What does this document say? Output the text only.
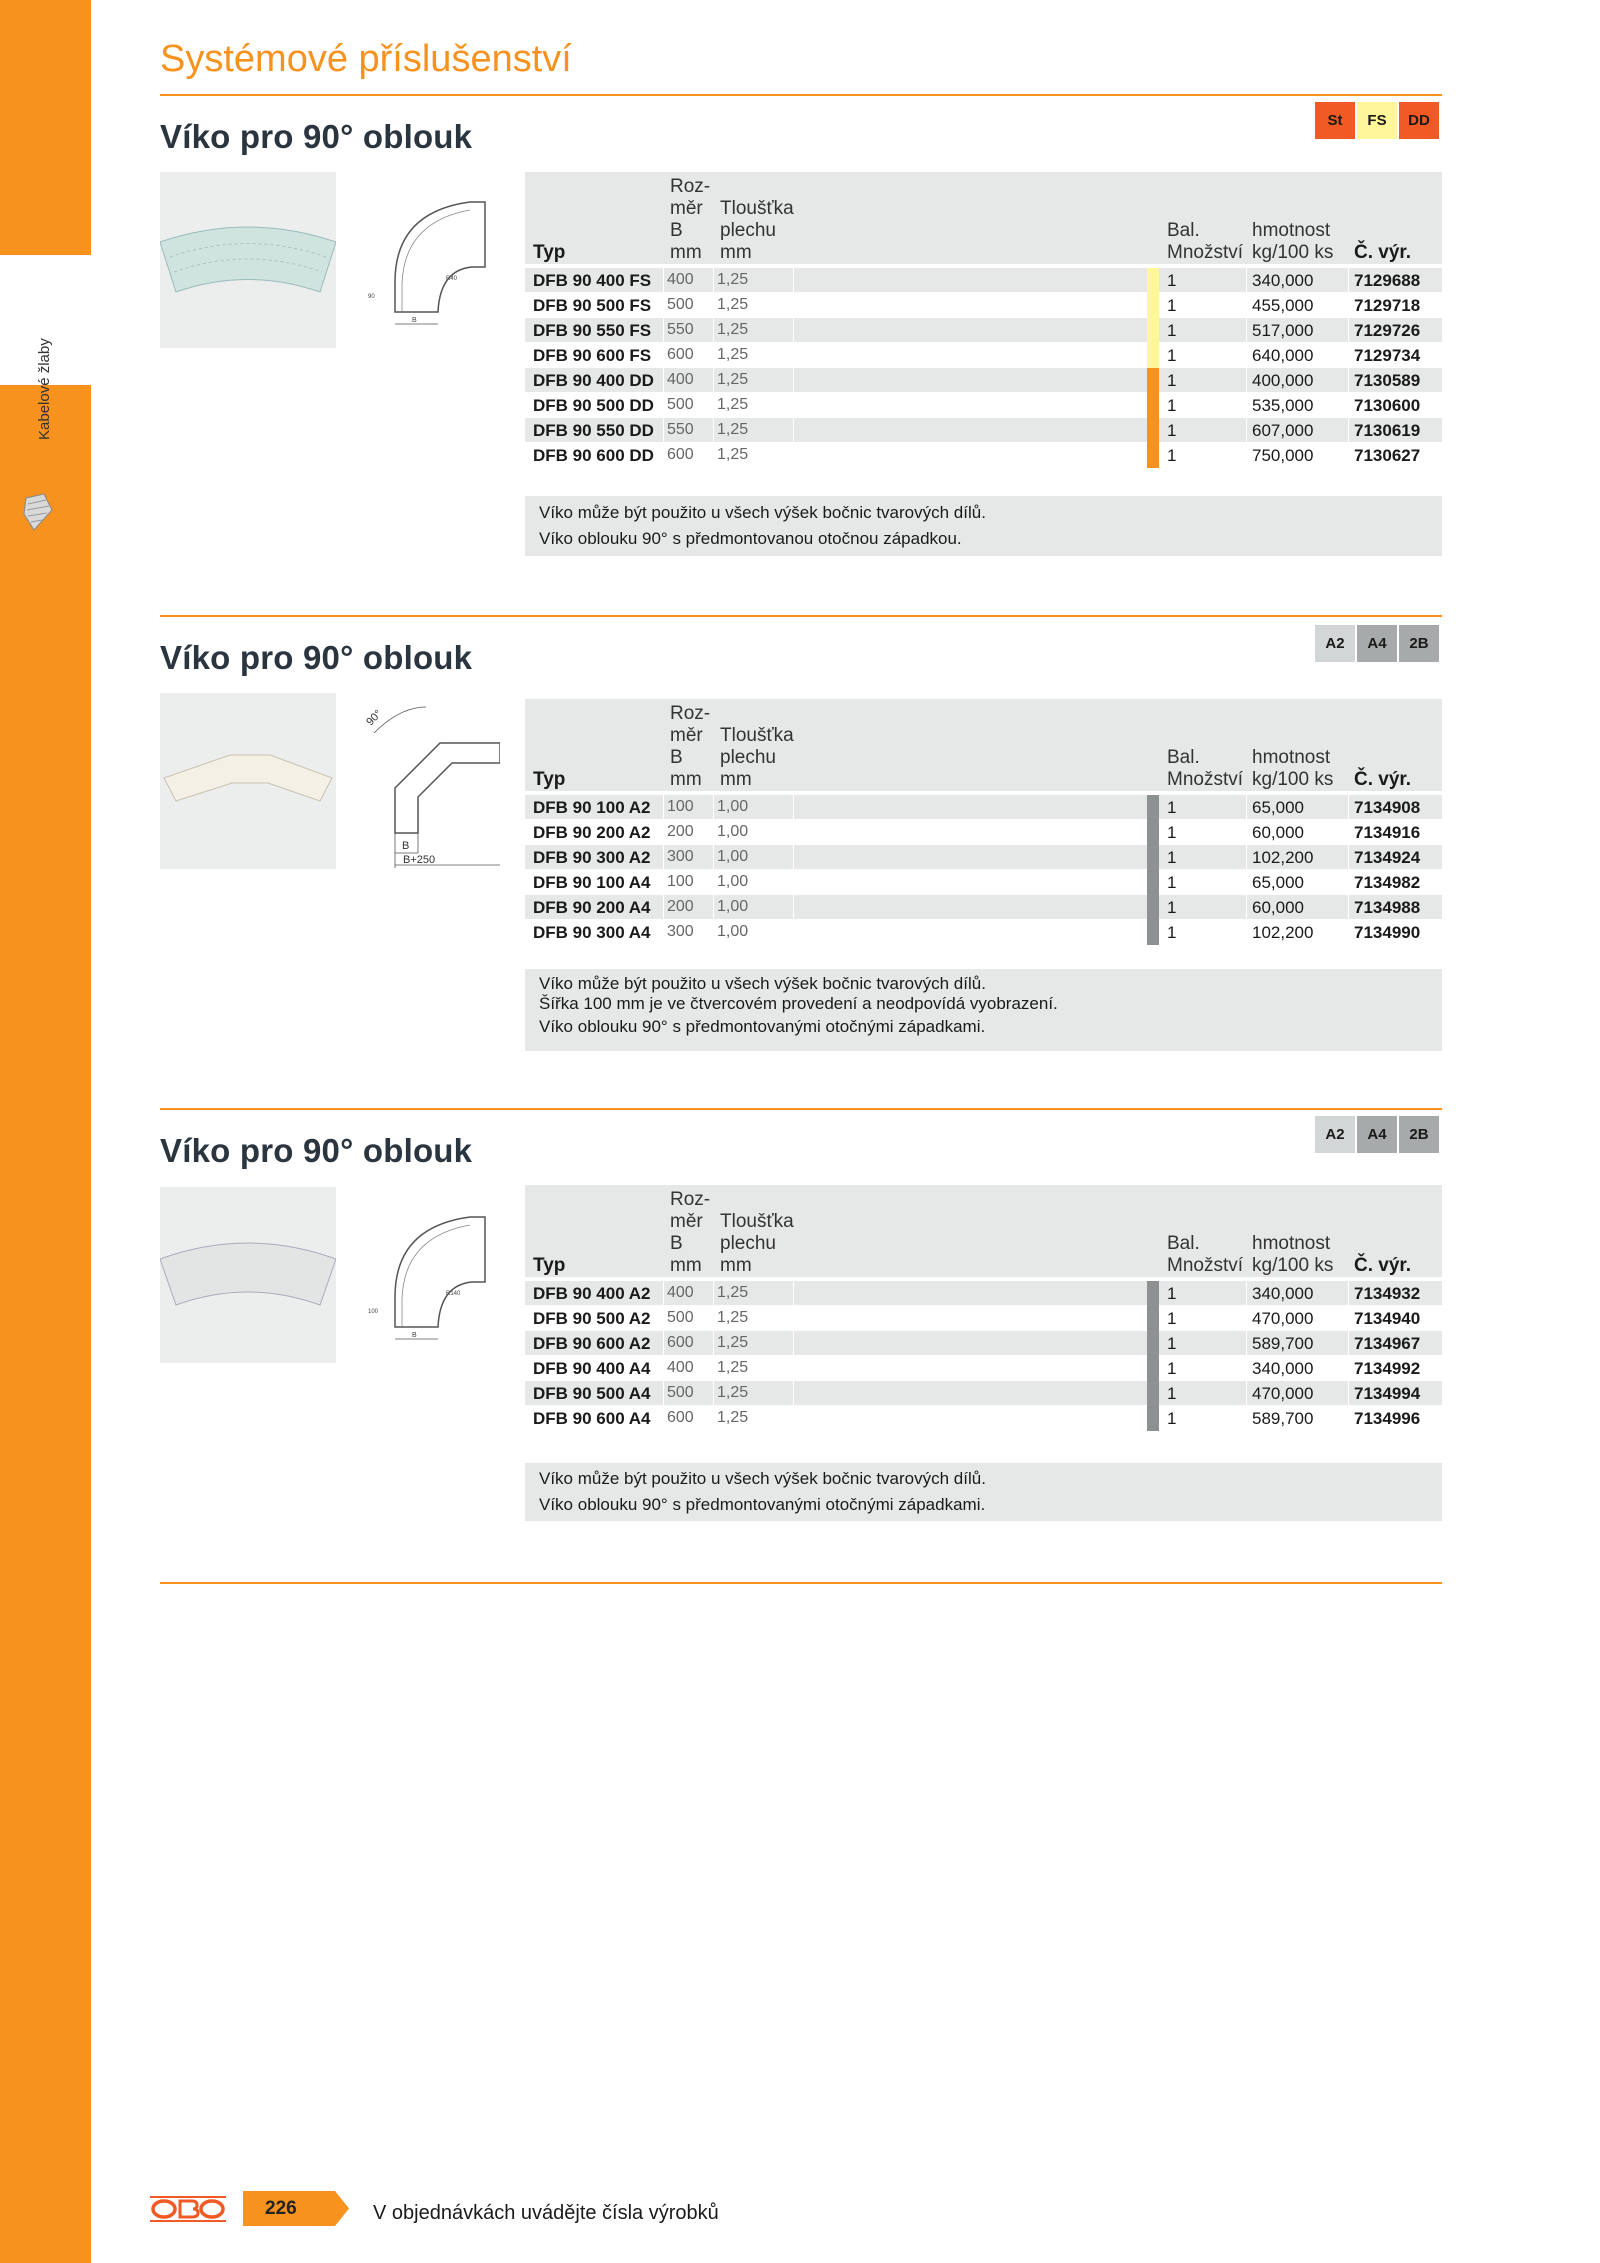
Kabelové žlaby
Systémové příslušenství
Víko pro 90° oblouk	St	FS	DD
B
R40
90
Roz-
měr Tloušťka
B plechu	Bal.	hmotnost
Typ	mm mm	Množství kg/100 ks Č. výr.
DFB 90 400 FS 400 1,25	1	340,000 7129688
DFB 90 500 FS 500 1,25	1	455,000 7129718
DFB 90 550 FS 550 1,25	1	517,000 7129726
DFB 90 600 FS 600 1,25	1	640,000 7129734
DFB 90 400 DD 400 1,25	1	400,000 7130589
DFB 90 500 DD 500 1,25	1	535,000 7130600
DFB 90 550 DD 550 1,25	1	607,000 7130619
DFB 90 600 DD 600 1,25	1	750,000 7130627
Víko může být použito u všech výšek bočnic tvarových dílů.
Víko oblouku 90° s předmontovanou otočnou západkou.
Víko pro 90° oblouk	A2	A4	2B
B
B+250
90°	Roz-
měr Tloušťka
B plechu	Bal.	hmotnost
Typ	mm mm	Množství kg/100 ks Č. výr.
DFB 90 100 A2	100 1,00	1	65,000	7134908
DFB 90 200 A2	200 1,00	1	60,000	7134916
DFB 90 300 A2	300 1,00	1	102,200 7134924
DFB 90 100 A4	100 1,00	1	65,000	7134982
DFB 90 200 A4	200 1,00	1	60,000	7134988
DFB 90 300 A4	300 1,00	1	102,200 7134990
Víko může být použito u všech výšek bočnic tvarových dílů.
Šířka 100 mm je ve čtvercovém provedení a neodpovídá vyobrazení.
Víko oblouku 90° s předmontovanými otočnými západkami.
Víko pro 90° oblouk	A2	A4	2B
B
R140
100
Roz-
měr Tloušťka
B plechu	Bal.	hmotnost
Typ	mm mm	Množství kg/100 ks Č. výr.
DFB 90 400 A2	400 1,25	1	340,000 7134932
DFB 90 500 A2	500 1,25	1	470,000 7134940
DFB 90 600 A2	600 1,25	1	589,700 7134967
DFB 90 400 A4	400 1,25	1	340,000 7134992
DFB 90 500 A4	500 1,25	1	470,000 7134994
DFB 90 600 A4	600 1,25	1	589,700 7134996
Víko může být použito u všech výšek bočnic tvarových dílů.
Víko oblouku 90° s předmontovanými otočnými západkami.
226	V objednávkách uvádějte čísla výrobků
